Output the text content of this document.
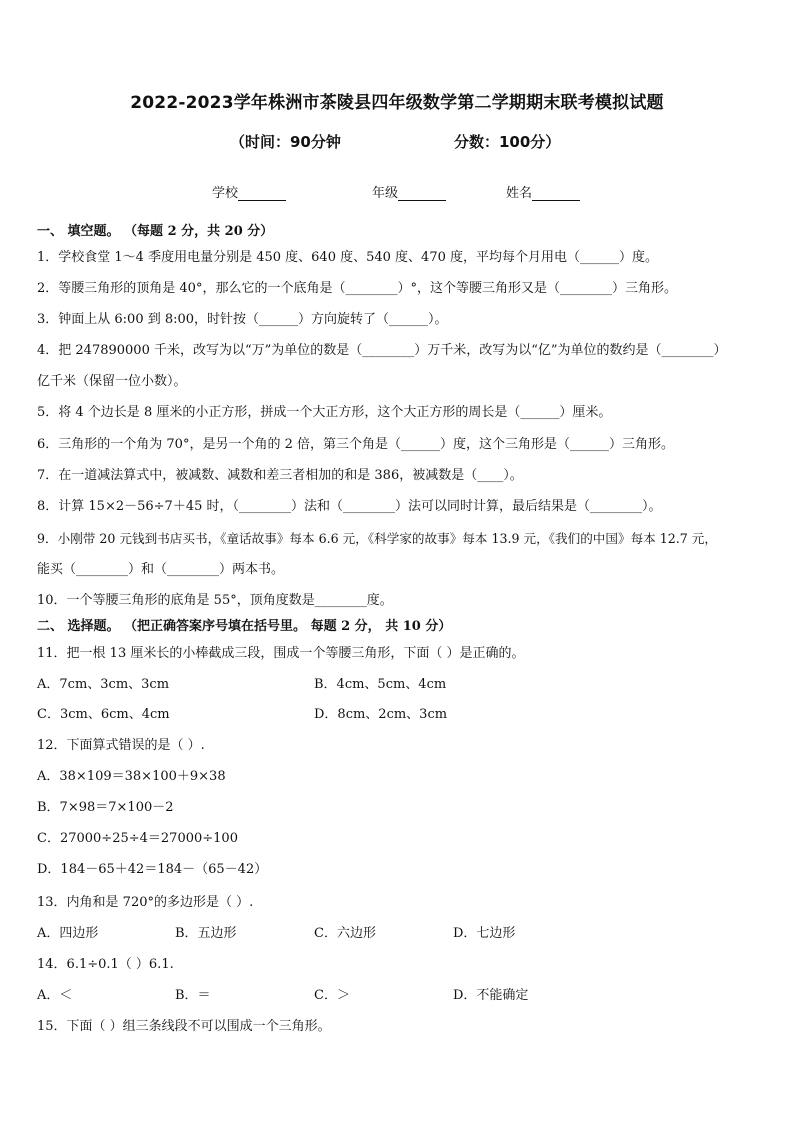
2022-2023学年株洲市茶陵县四年级数学第二学期期末联考模拟试题
（时间：90分钟	分数：100分）
学校	年级	姓名
一、 填空题。 （每题 2 分，共 20 分）
1．学校食堂 1～4 季度用电量分别是 450 度、640 度、540 度、470 度，平均每个月用电（______）度。
2．等腰三角形的顶角是 40°，那么它的一个底角是（________）°，这个等腰三角形又是（________）三角形。
3．钟面上从 6:00 到 8:00，时针按（______）方向旋转了（______）。
4．把 247890000 千米，改写为以“万”为单位的数是（________）万千米，改写为以“亿”为单位的数约是（________）
亿千米（保留一位小数）。
5．将 4 个边长是 8 厘米的小正方形，拼成一个大正方形，这个大正方形的周长是（______）厘米。
6．三角形的一个角为 70°，是另一个角的 2 倍，第三个角是（______）度，这个三角形是（______）三角形。
7．在一道减法算式中，被减数、减数和差三者相加的和是 386，被减数是（____）。
8．计算 15×2－56÷7＋45 时，（________）法和（________）法可以同时计算，最后结果是（________）。
9．小刚带 20 元钱到书店买书，《童话故事》每本 6.6 元，《科学家的故事》每本 13.9 元，《我们的中国》每本 12.7 元，
能买（________）和（________）两本书。
10．一个等腰三角形的底角是 55°，顶角度数是________度。
二、 选择题。 （把正确答案序号填在括号里。 每题 2 分， 共 10 分）
11．把一根 13 厘米长的小棒截成三段，围成一个等腰三角形，下面（ ）是正确的。
A．7cm、3cm、3cm	B．4cm、5cm、4cm
C．3cm、6cm、4cm	D．8cm、2cm、3cm
12．下面算式错误的是（ ）.
A．38×109＝38×100＋9×38
B．7×98＝7×100－2
C．27000÷25÷4＝27000÷100
D．184－65＋42＝184－（65－42）
13．内角和是 720°的多边形是（ ）.
A．四边形	B．五边形	C．六边形	D．七边形
14．6.1÷0.1（ ）6.1.
A．＜	B．＝	C．＞	D．不能确定
15．下面（ ）组三条线段不可以围成一个三角形。
